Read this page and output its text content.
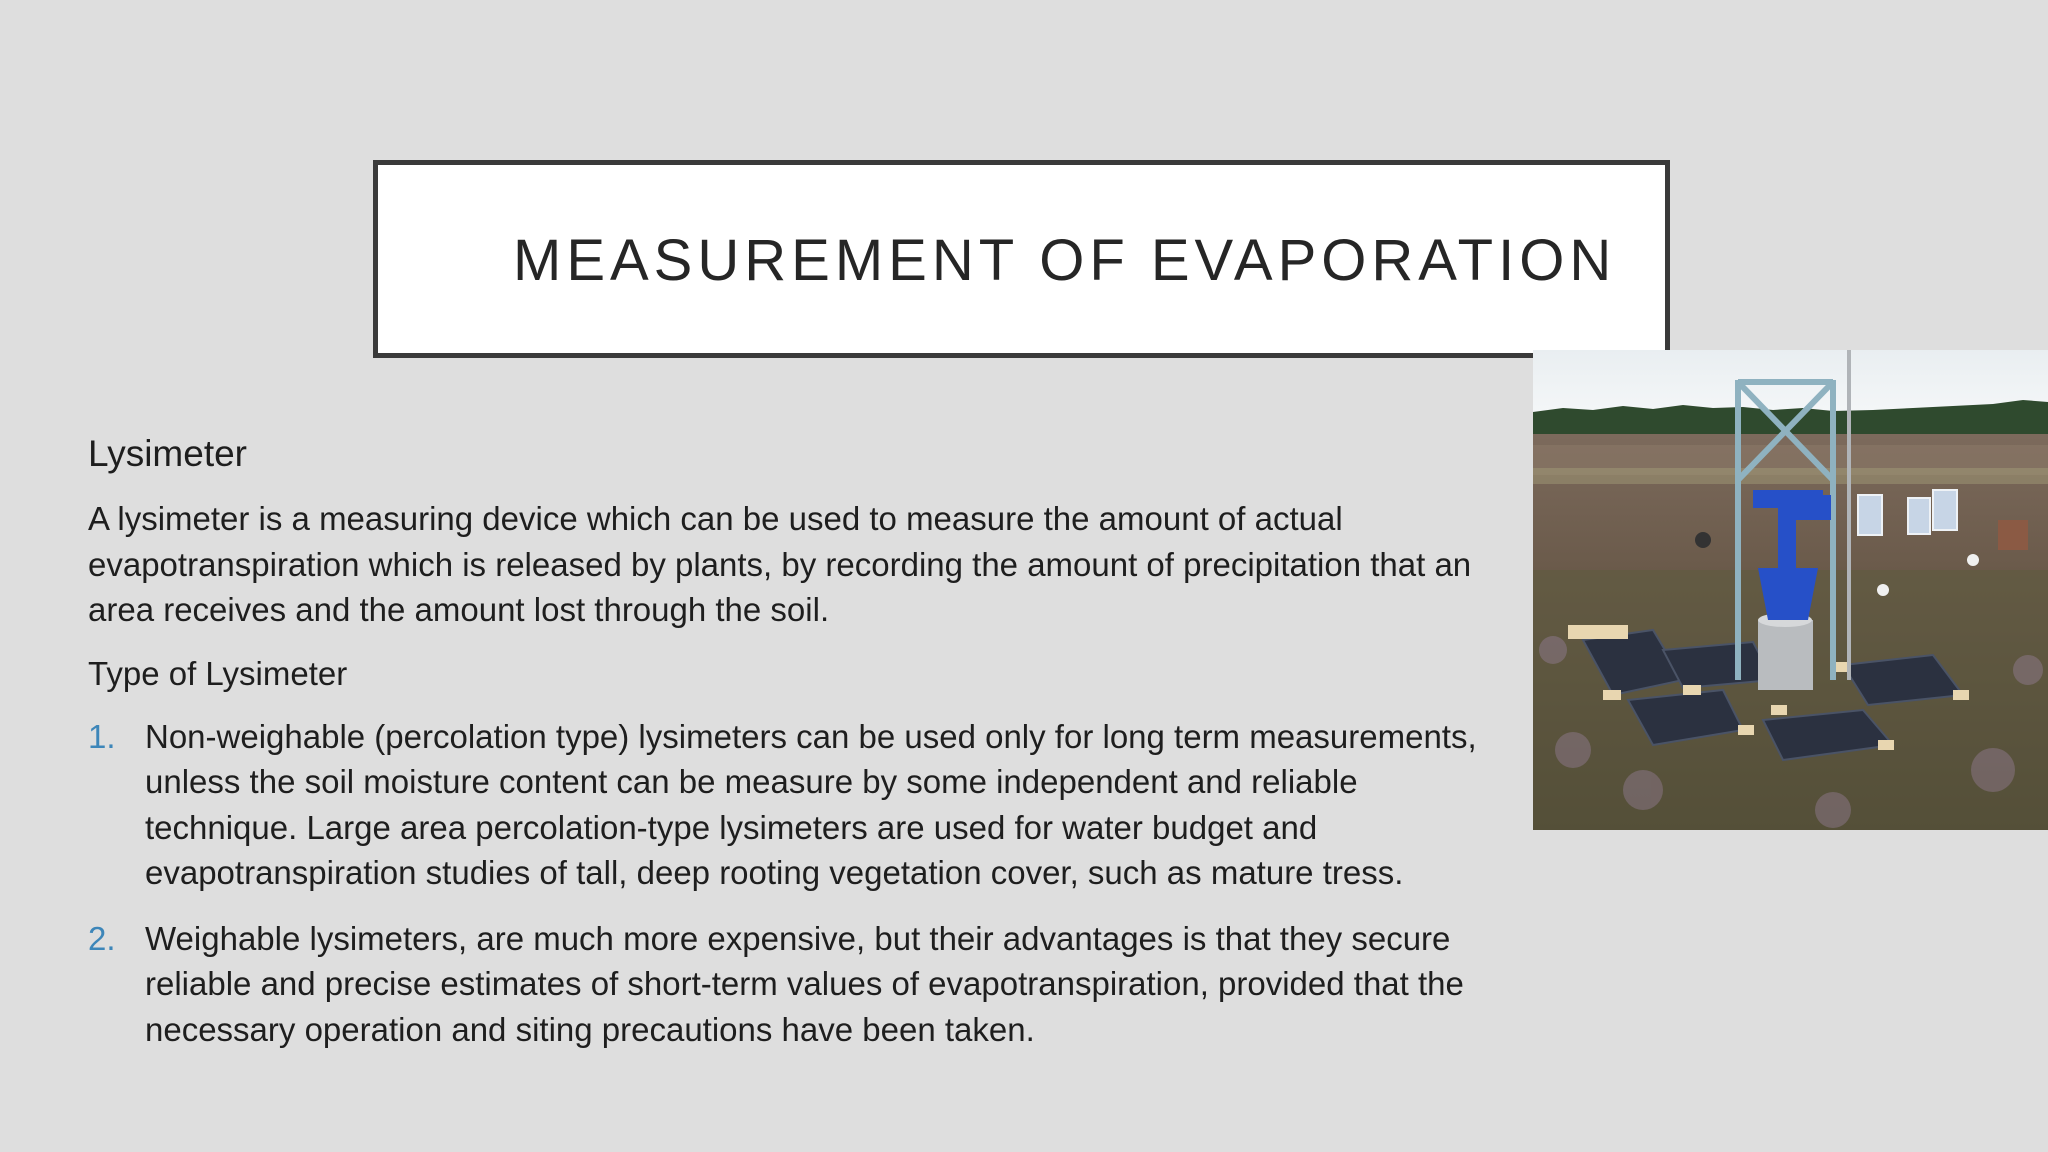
MEASUREMENT OF EVAPORATION
Lysimeter
A lysimeter is a measuring device which can be used to measure the amount of actual
evapotranspiration which is released by plants, by recording the amount of precipitation that an
area receives and the amount lost through the soil.
Type of Lysimeter
1. Non-weighable (percolation type) lysimeters can be used only for long term measurements,
unless the soil moisture content can be measure by some independent and reliable
technique. Large area percolation-type lysimeters are used for water budget and
evapotranspiration studies of tall, deep rooting vegetation cover, such as mature tress.
2. Weighable lysimeters, are much more expensive, but their advantages is that they secure
reliable and precise estimates of short-term values of evapotranspiration, provided that the
necessary operation and siting precautions have been taken.
